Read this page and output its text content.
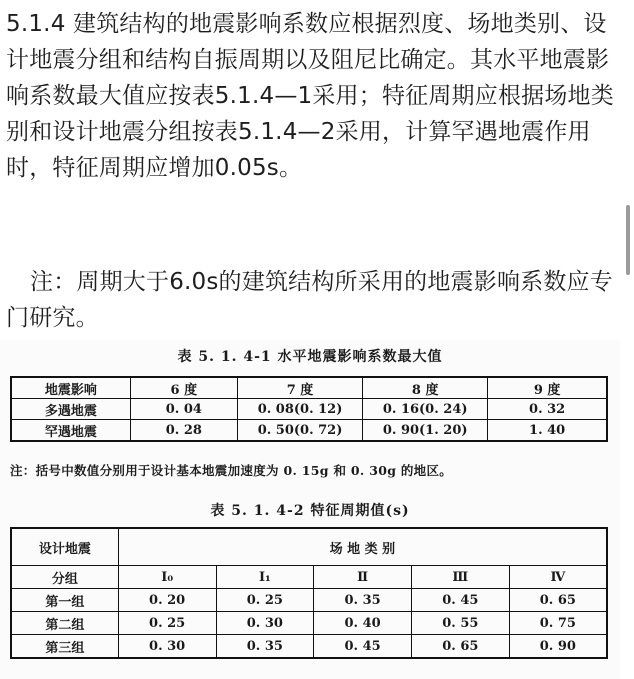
5.1.4 建筑结构的地震影响系数应根据烈度、场地类别、设计地震分组和结构自振周期以及阻尼比确定。其水平地震影响系数最大值应按表5.1.4—1采用；特征周期应根据场地类别和设计地震分组按表5.1.4—2采用，计算罕遇地震作用时，特征周期应增加0.05s。

注：周期大于6.0s的建筑结构所采用的地震影响系数应专门研究。

表 5. 1. 4-1 水平地震影响系数最大值
地震影响	6 度	7 度	8 度	9 度
多遇地震	0. 04	0. 08(0. 12)	0. 16(0. 24)	0. 32
罕遇地震	0. 28	0. 50(0. 72)	0. 90(1. 20)	1. 40
注：括号中数值分别用于设计基本地震加速度为 0. 15g 和 0. 30g 的地区。
表 5. 1. 4-2 特征周期值(s)
设计地震	场 地 类 别				
分组	I₀	I₁	Ⅱ	Ⅲ	Ⅳ
第一组	0. 20	0. 25	0. 35	0. 45	0. 65
第二组	0. 25	0. 30	0. 40	0. 55	0. 75
第三组	0. 30	0. 35	0. 45	0. 65	0. 90
